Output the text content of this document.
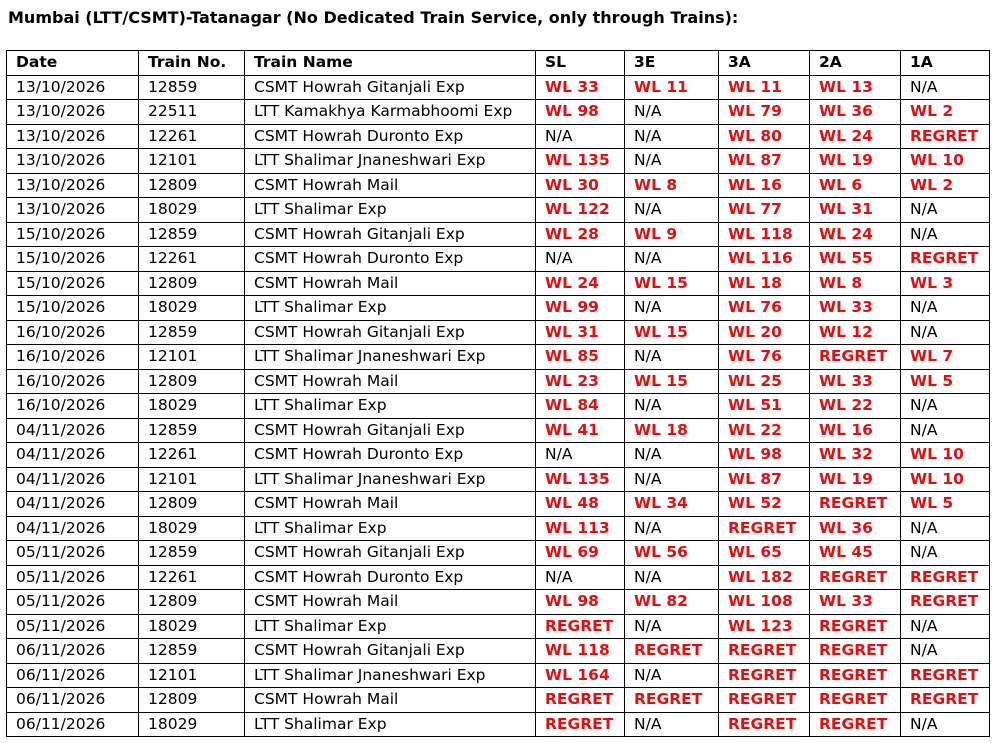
Mumbai (LTT/CSMT)-Tatanagar (No Dedicated Train Service, only through Trains):
Date	Train No.	Train Name	SL	3E	3A	2A	1A
13/10/2026	12859	CSMT Howrah Gitanjali Exp	WL 33	WL 11	WL 11	WL 13	N/A
13/10/2026	22511	LTT Kamakhya Karmabhoomi Exp	WL 98	N/A	WL 79	WL 36	WL 2
13/10/2026	12261	CSMT Howrah Duronto Exp	N/A	N/A	WL 80	WL 24	REGRET
13/10/2026	12101	LTT Shalimar Jnaneshwari Exp	WL 135	N/A	WL 87	WL 19	WL 10
13/10/2026	12809	CSMT Howrah Mail	WL 30	WL 8	WL 16	WL 6	WL 2
13/10/2026	18029	LTT Shalimar Exp	WL 122	N/A	WL 77	WL 31	N/A
15/10/2026	12859	CSMT Howrah Gitanjali Exp	WL 28	WL 9	WL 118	WL 24	N/A
15/10/2026	12261	CSMT Howrah Duronto Exp	N/A	N/A	WL 116	WL 55	REGRET
15/10/2026	12809	CSMT Howrah Mail	WL 24	WL 15	WL 18	WL 8	WL 3
15/10/2026	18029	LTT Shalimar Exp	WL 99	N/A	WL 76	WL 33	N/A
16/10/2026	12859	CSMT Howrah Gitanjali Exp	WL 31	WL 15	WL 20	WL 12	N/A
16/10/2026	12101	LTT Shalimar Jnaneshwari Exp	WL 85	N/A	WL 76	REGRET	WL 7
16/10/2026	12809	CSMT Howrah Mail	WL 23	WL 15	WL 25	WL 33	WL 5
16/10/2026	18029	LTT Shalimar Exp	WL 84	N/A	WL 51	WL 22	N/A
04/11/2026	12859	CSMT Howrah Gitanjali Exp	WL 41	WL 18	WL 22	WL 16	N/A
04/11/2026	12261	CSMT Howrah Duronto Exp	N/A	N/A	WL 98	WL 32	WL 10
04/11/2026	12101	LTT Shalimar Jnaneshwari Exp	WL 135	N/A	WL 87	WL 19	WL 10
04/11/2026	12809	CSMT Howrah Mail	WL 48	WL 34	WL 52	REGRET	WL 5
04/11/2026	18029	LTT Shalimar Exp	WL 113	N/A	REGRET	WL 36	N/A
05/11/2026	12859	CSMT Howrah Gitanjali Exp	WL 69	WL 56	WL 65	WL 45	N/A
05/11/2026	12261	CSMT Howrah Duronto Exp	N/A	N/A	WL 182	REGRET	REGRET
05/11/2026	12809	CSMT Howrah Mail	WL 98	WL 82	WL 108	WL 33	REGRET
05/11/2026	18029	LTT Shalimar Exp	REGRET	N/A	WL 123	REGRET	N/A
06/11/2026	12859	CSMT Howrah Gitanjali Exp	WL 118	REGRET	REGRET	REGRET	N/A
06/11/2026	12101	LTT Shalimar Jnaneshwari Exp	WL 164	N/A	REGRET	REGRET	REGRET
06/11/2026	12809	CSMT Howrah Mail	REGRET	REGRET	REGRET	REGRET	REGRET
06/11/2026	18029	LTT Shalimar Exp	REGRET	N/A	REGRET	REGRET	N/A
